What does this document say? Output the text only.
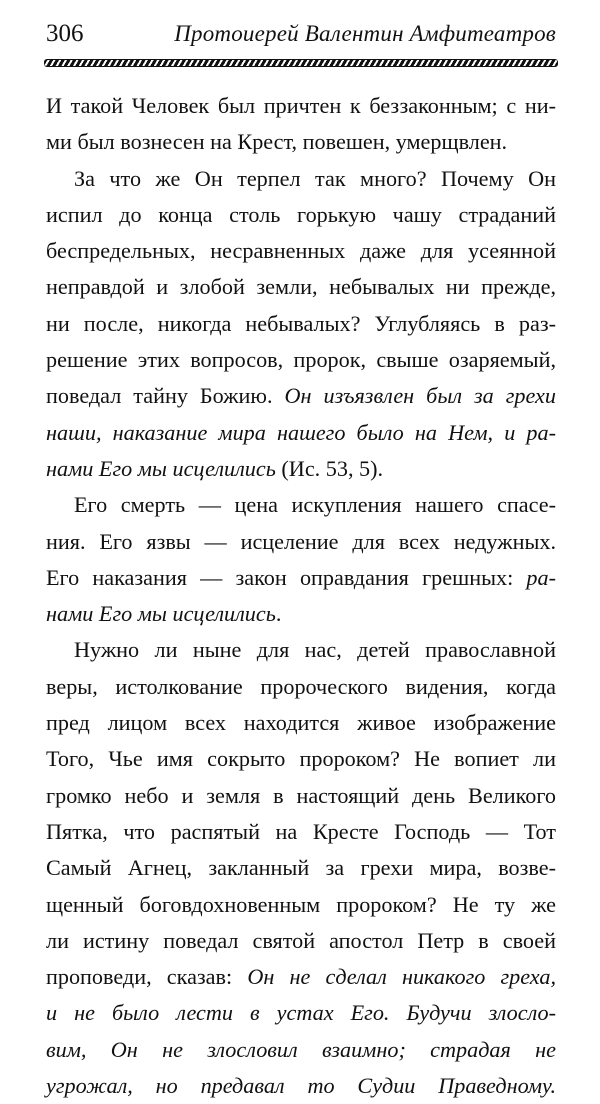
306	Протоиерей Валентин Амфитеатров
И такой Человек был причтен к беззаконным; с ни-
ми был вознесен на Крест, повешен, умерщвлен.
За что же Он терпел так много? Почему Он
испил до конца столь горькую чашу страданий
беспредельных, несравненных даже для усеянной
неправдой и злобой земли, небывалых ни прежде,
ни после, никогда небывалых? Углубляясь в раз-
решение этих вопросов, пророк, свыше озаряемый,
поведал тайну Божию. Он изъязвлен был за грехи
наши, наказание мира нашего было на Нем, и ра-
нами Его мы исцелились (Ис. 53, 5).
Его смерть — цена искупления нашего спасе-
ния. Его язвы — исцеление для всех недужных.
Его наказания — закон оправдания грешных: ра-
нами Его мы исцелились.
Нужно ли ныне для нас, детей православной
веры, истолкование пророческого видения, когда
пред лицом всех находится живое изображение
Того, Чье имя сокрыто пророком? Не вопиет ли
громко небо и земля в настоящий день Великого
Пятка, что распятый на Кресте Господь — Тот
Самый Агнец, закланный за грехи мира, возве-
щенный боговдохновенным пророком? Не ту же
ли истину поведал святой апостол Петр в своей
проповеди, сказав: Он не сделал никакого греха,
и не было лести в устах Его. Будучи злосло-
вим, Он не злословил взаимно; страдая не
угрожал, но предавал то Судии Праведному.
